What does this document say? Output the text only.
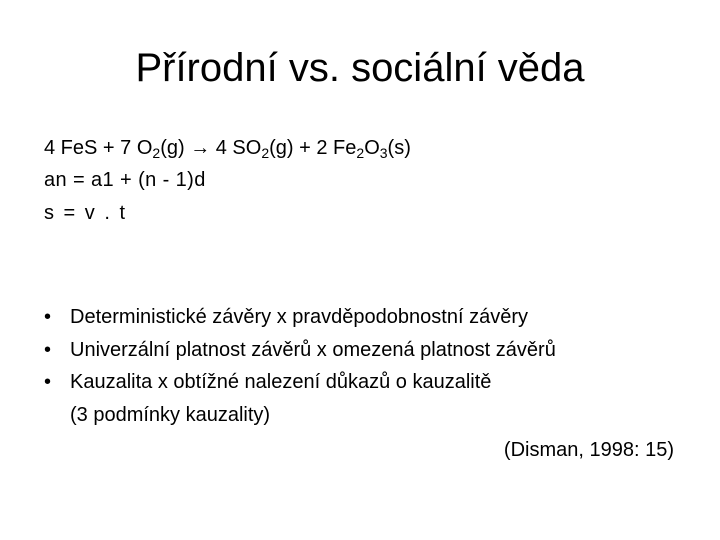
Přírodní vs. sociální věda
4 FeS + 7 $O_2(g) \to 4$ $SO_2(g) + 2$ $Fe_2O_3(s)$
an = a1 + (n - 1)d
s = v . t
• Deterministické závěry x pravděpodobnostní závěry
• Univerzální platnost závěrů x omezená platnost závěrů
• Kauzalita x obtížné nalezení důkazů o kauzalitě
(3 podmínky kauzality)
(Disman, 1998: 15)
